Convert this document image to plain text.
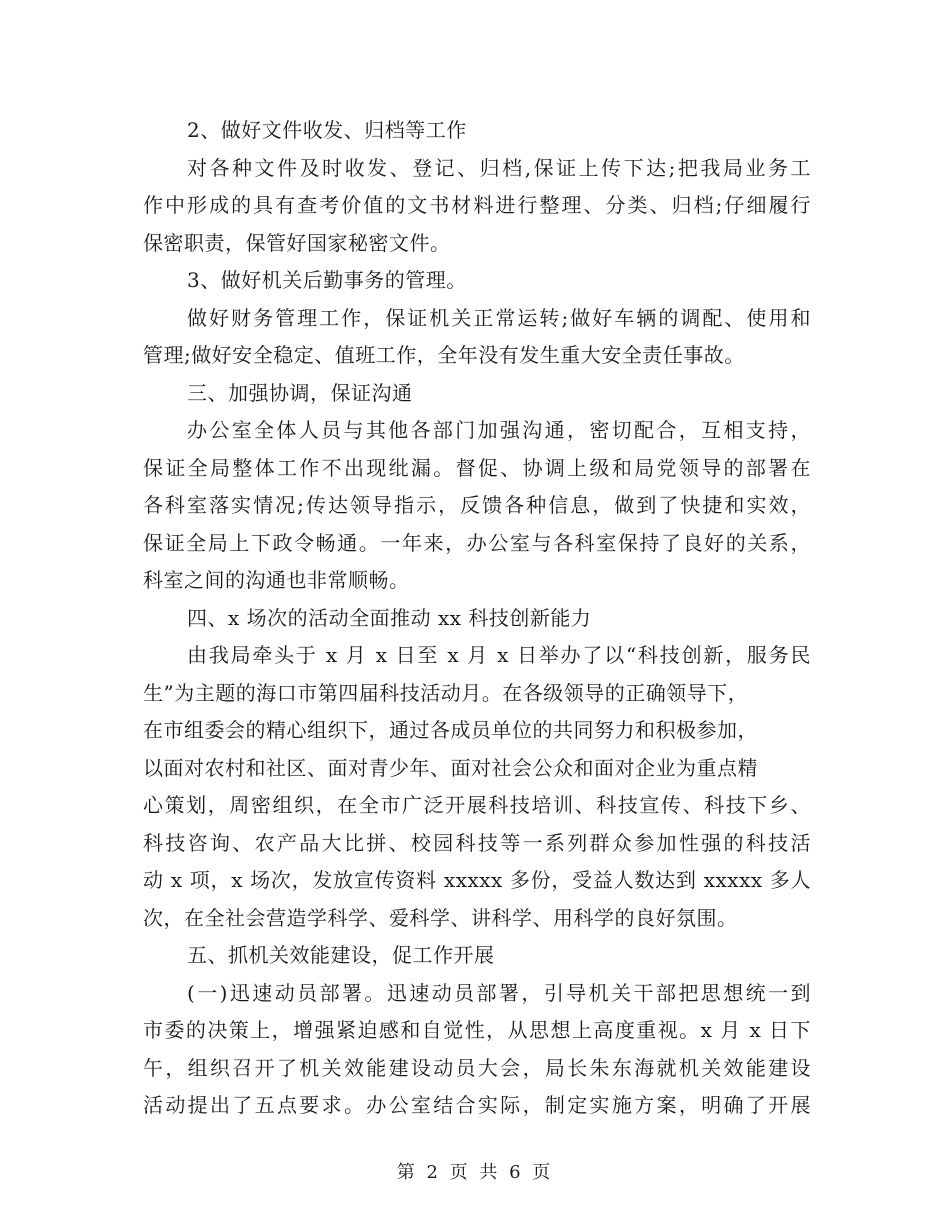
2、做好文件收发、归档等工作
对各种文件及时收发、登记、归档,保证上传下达;把我局业务工
作中形成的具有查考价值的文书材料进行整理、分类、归档;仔细履行
保密职责，保管好国家秘密文件。
3、做好机关后勤事务的管理。
做好财务管理工作，保证机关正常运转;做好车辆的调配、使用和
管理;做好安全稳定、值班工作，全年没有发生重大安全责任事故。
三、加强协调，保证沟通
办公室全体人员与其他各部门加强沟通，密切配合，互相支持，
保证全局整体工作不出现纰漏。督促、协调上级和局党领导的部署在
各科室落实情况;传达领导指示，反馈各种信息，做到了快捷和实效，
保证全局上下政令畅通。一年来，办公室与各科室保持了良好的关系，
科室之间的沟通也非常顺畅。
四、x 场次的活动全面推动 xx 科技创新能力
由我局牵头于 x 月 x 日至 x 月 x 日举办了以“科技创新，服务民
生”为主题的海口市第四届科技活动月。在各级领导的正确领导下，
在市组委会的精心组织下，通过各成员单位的共同努力和积极参加，
以面对农村和社区、面对青少年、面对社会公众和面对企业为重点精
心策划，周密组织，在全市广泛开展科技培训、科技宣传、科技下乡、
科技咨询、农产品大比拼、校园科技等一系列群众参加性强的科技活
动 x 项，x 场次，发放宣传资料 xxxxx 多份，受益人数达到 xxxxx 多人
次，在全社会营造学科学、爱科学、讲科学、用科学的良好氛围。
五、抓机关效能建设，促工作开展
(一)迅速动员部署。迅速动员部署，引导机关干部把思想统一到
市委的决策上，增强紧迫感和自觉性，从思想上高度重视。x 月 x 日下
午，组织召开了机关效能建设动员大会，局长朱东海就机关效能建设
活动提出了五点要求。办公室结合实际，制定实施方案，明确了开展
第 2 页 共 6 页
